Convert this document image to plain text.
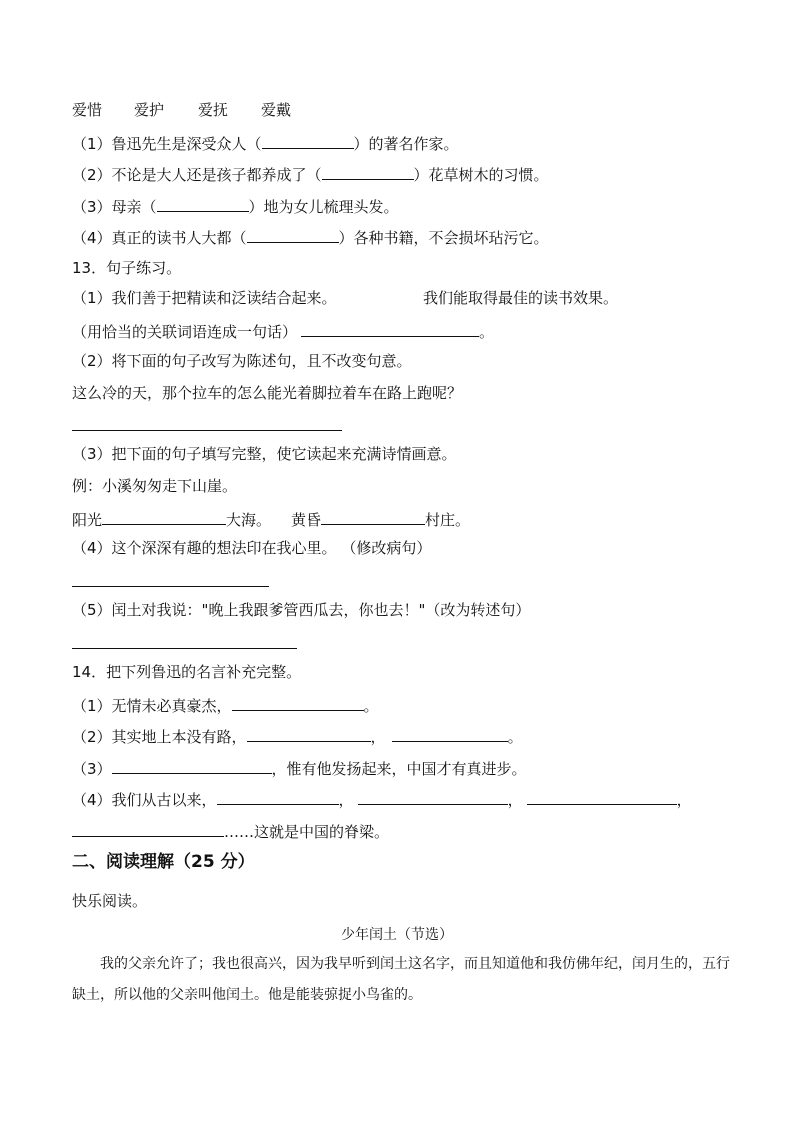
爱惜 爱护 爱抚 爱戴
（1）鲁迅先生是深受众人（	）的著名作家。
（2）不论是大人还是孩子都养成了（	）花草树木的习惯。
（3）母亲（	）地为女儿梳理头发。
（4）真正的读书人大都（	）各种书籍，不会损坏玷污它。
13．句子练习。
（1）我们善于把精读和泛读结合起来。	我们能取得最佳的读书效果。
（用恰当的关联词语连成一句话）	。
（2）将下面的句子改写为陈述句，且不改变句意。
这么冷的天，那个拉车的怎么能光着脚拉着车在路上跑呢？
（3）把下面的句子填写完整，使它读起来充满诗情画意。
例：小溪匆匆走下山崖。
阳光	大海。 黄昏	村庄。
（4）这个深深有趣的想法印在我心里。 （修改病句）
（5）闰土对我说："晚上我跟爹管西瓜去，你也去！"（改为转述句）
14．把下列鲁迅的名言补充完整。
（1）无情未必真豪杰，	。
（2）其实地上本没有路，	，	。
（3）	，惟有他发扬起来，中国才有真进步。
（4）我们从古以来，	，	，	，
……这就是中国的脊梁。
二、阅读理解（25 分）
快乐阅读。
少年闰土（节选）
我的父亲允许了；我也很高兴，因为我早听到闰土这名字，而且知道他和我仿佛年纪，闰月生的，五行缺土，所以他的父亲叫他闰土。他是能装弶捉小鸟雀的。
